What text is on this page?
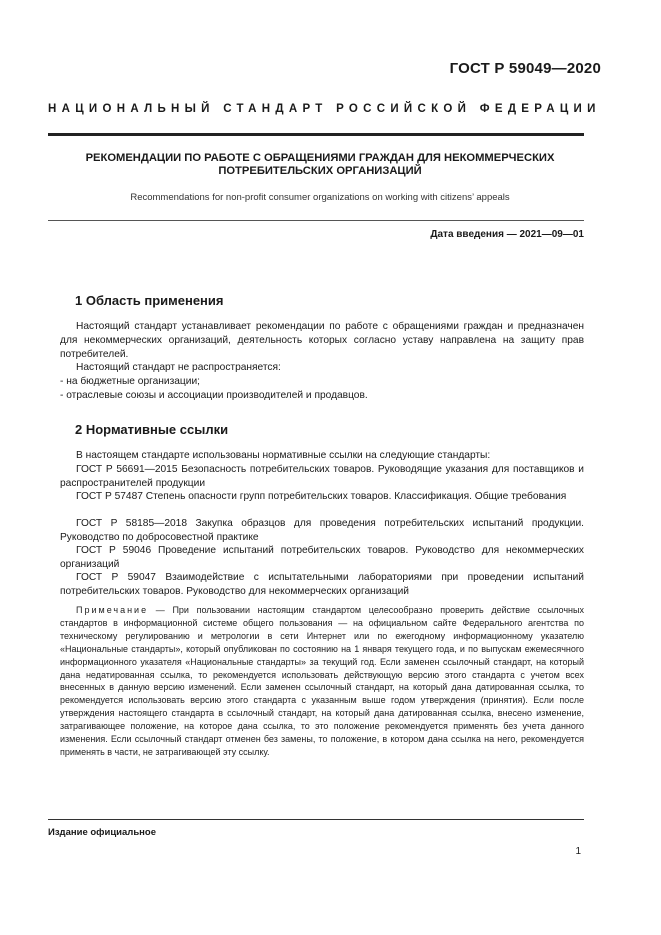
ГОСТ Р 59049—2020
НАЦИОНАЛЬНЫЙ СТАНДАРТ РОССИЙСКОЙ ФЕДЕРАЦИИ
РЕКОМЕНДАЦИИ ПО РАБОТЕ С ОБРАЩЕНИЯМИ ГРАЖДАН ДЛЯ НЕКОММЕРЧЕСКИХ
ПОТРЕБИТЕЛЬСКИХ ОРГАНИЗАЦИЙ
Recommendations for non-profit consumer organizations on working with citizens’ appeals
Дата введения — 2021—09—01
1 Область применения
Настоящий стандарт устанавливает рекомендации по работе с обращениями граждан и предназначен для некоммерческих организаций, деятельность которых согласно уставу направлена на защиту прав потребителей.
Настоящий стандарт не распространяется:
- на бюджетные организации;
- отраслевые союзы и ассоциации производителей и продавцов.
2 Нормативные ссылки
В настоящем стандарте использованы нормативные ссылки на следующие стандарты:
ГОСТ Р 56691—2015 Безопасность потребительских товаров. Руководящие указания для поставщиков и распространителей продукции
ГОСТ Р 57487 Степень опасности групп потребительских товаров. Классификация. Общие требования
ГОСТ Р 58185—2018 Закупка образцов для проведения потребительских испытаний продукции. Руководство по добросовестной практике
ГОСТ Р 59046 Проведение испытаний потребительских товаров. Руководство для некоммерческих организаций
ГОСТ Р 59047 Взаимодействие с испытательными лабораториями при проведении испытаний потребительских товаров. Руководство для некоммерческих организаций
Примечание — При пользовании настоящим стандартом целесообразно проверить действие ссылочных стандартов в информационной системе общего пользования — на официальном сайте Федерального агентства по техническому регулированию и метрологии в сети Интернет или по ежегодному информационному указателю «Национальные стандарты», который опубликован по состоянию на 1 января текущего года, и по выпускам ежемесячного информационного указателя «Национальные стандарты» за текущий год. Если заменен ссылочный стандарт, на который дана недатированная ссылка, то рекомендуется использовать действующую версию этого стандарта с учетом всех внесенных в данную версию изменений. Если заменен ссылочный стандарт, на который дана датированная ссылка, то рекомендуется использовать версию этого стандарта с указанным выше годом утверждения (принятия). Если после утверждения настоящего стандарта в ссылочный стандарт, на который дана датированная ссылка, внесено изменение, затрагивающее положение, на которое дана ссылка, то это положение рекомендуется применять без учета данного изменения. Если ссылочный стандарт отменен без замены, то положение, в котором дана ссылка на него, рекомендуется применять в части, не затрагивающей эту ссылку.
Издание официальное
1
